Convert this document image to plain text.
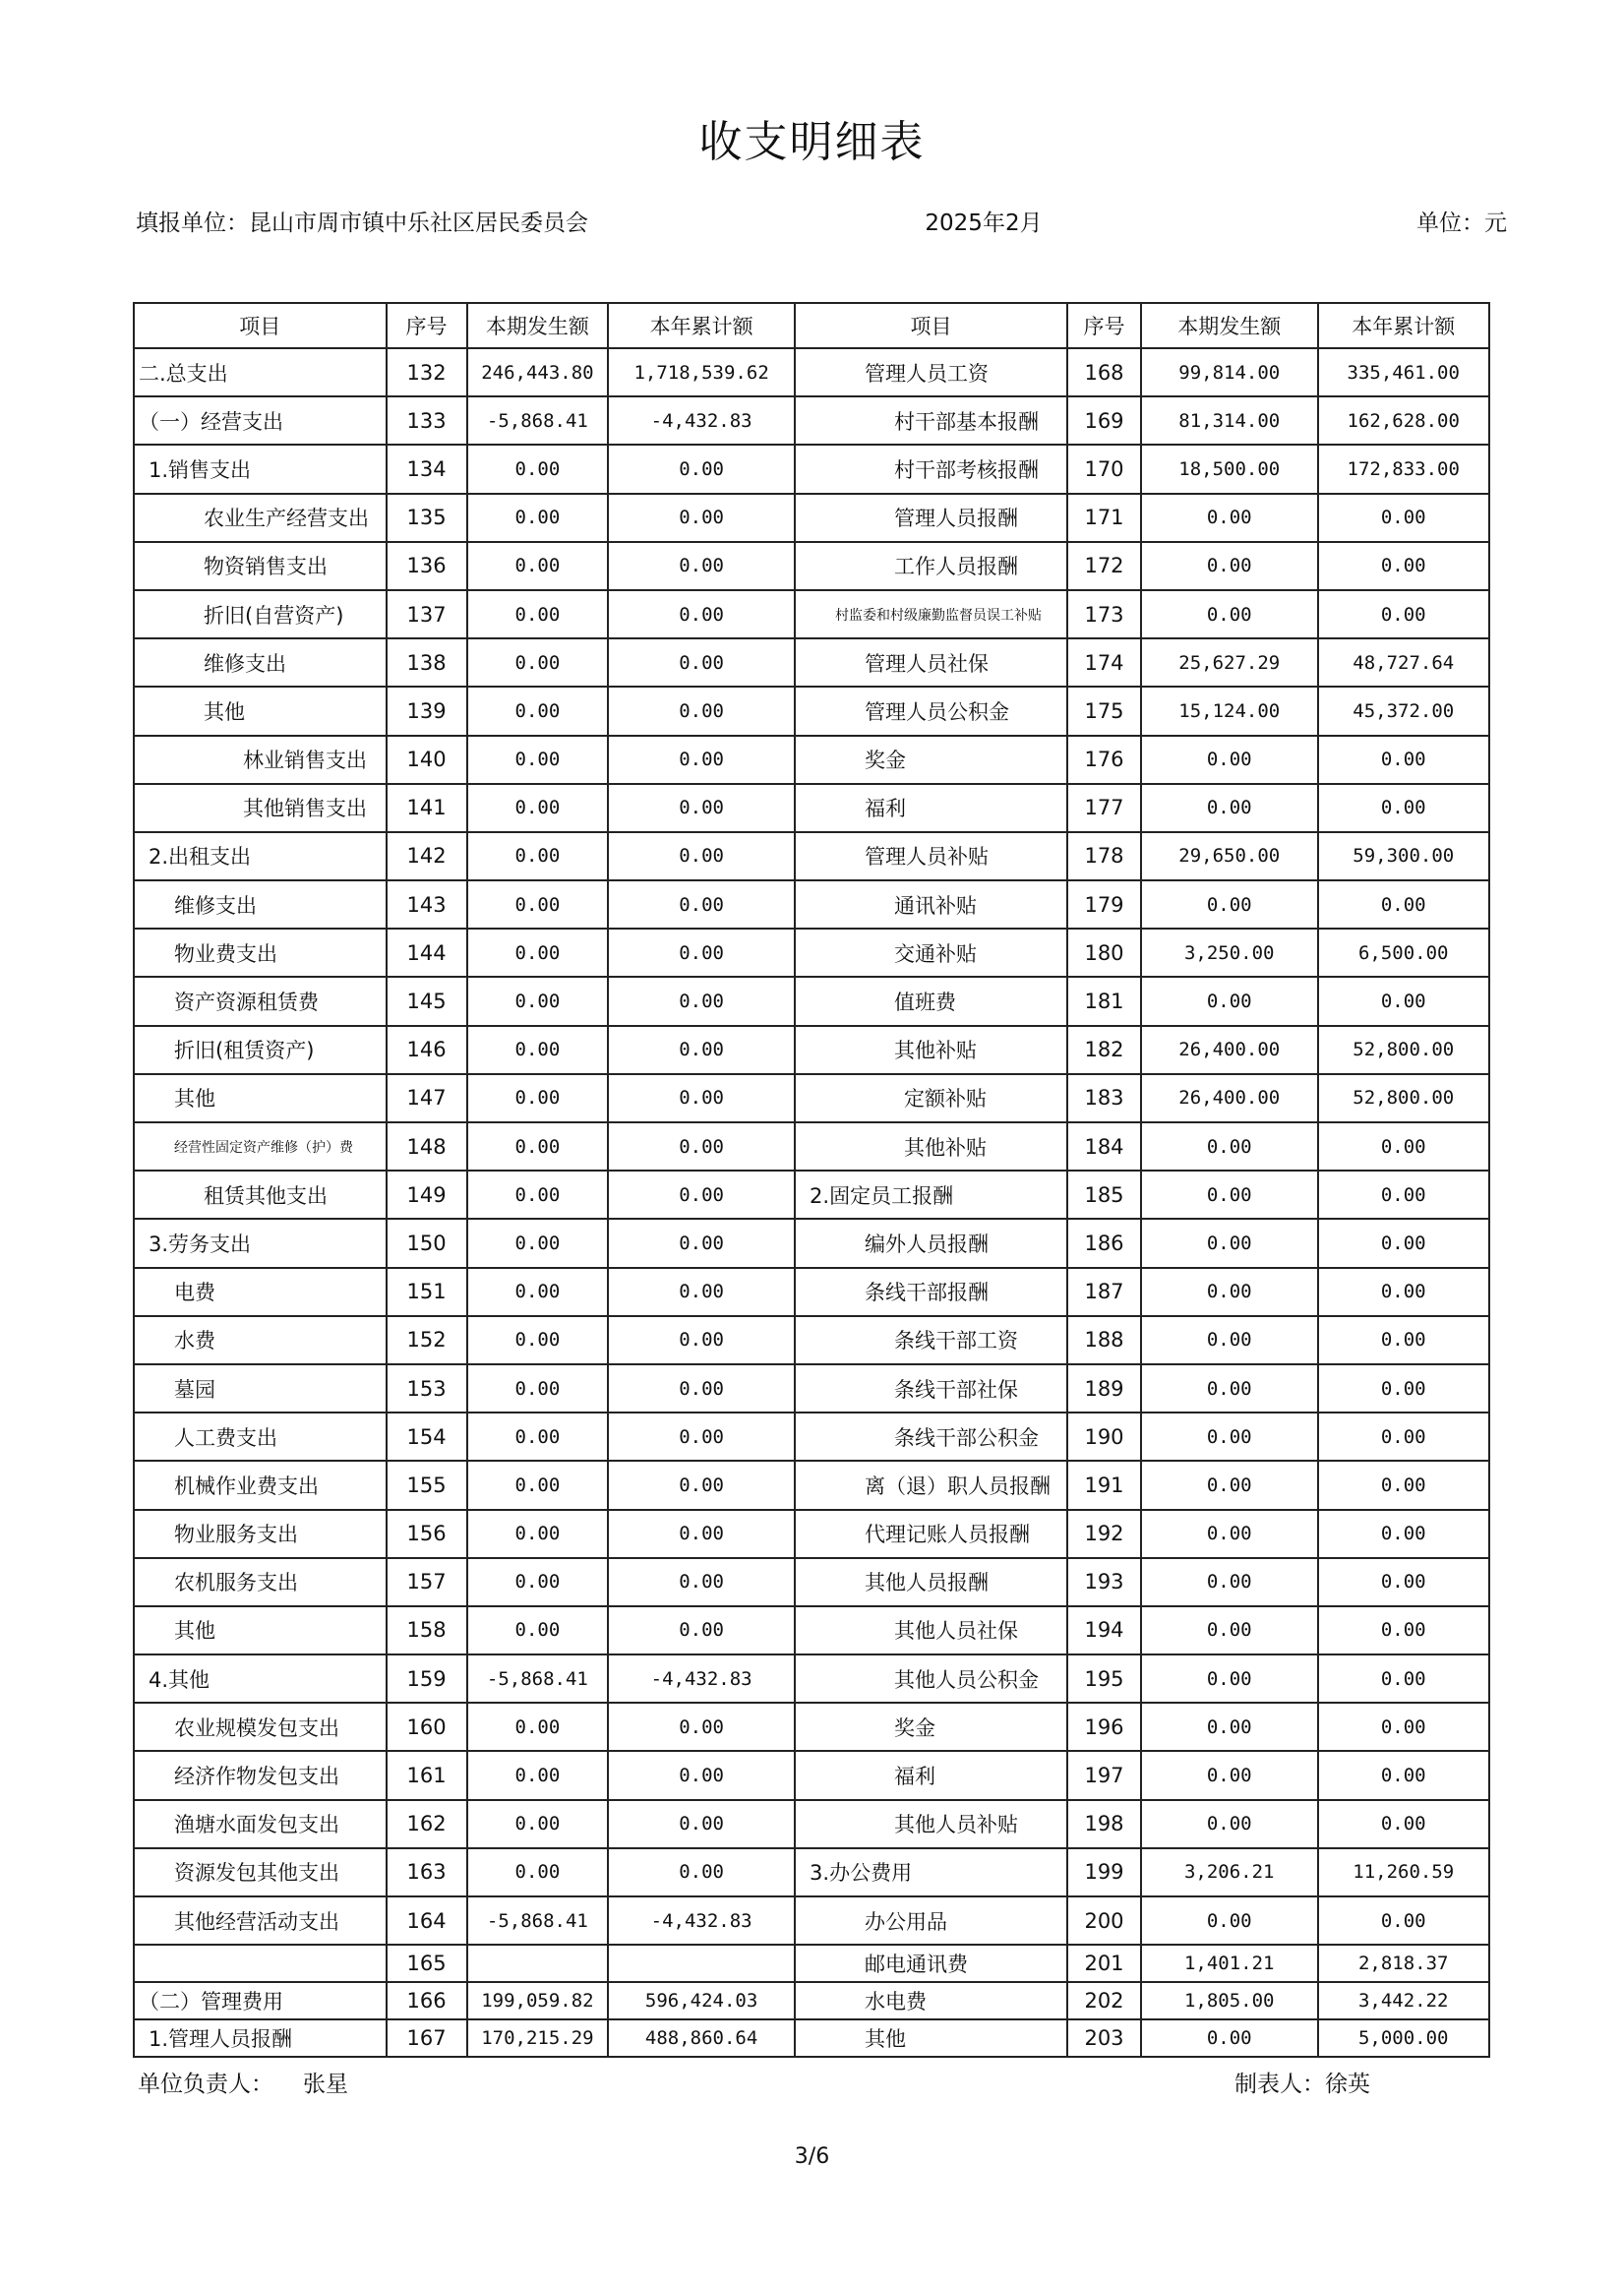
收支明细表
填报单位：昆山市周市镇中乐社区居民委员会	2025年2月	单位：元
项目	序号	本期发生额	本年累计额	项目	序号	本期发生额	本年累计额
二.总支出	132	246,443.80	1,718,539.62	管理人员工资	168	99,814.00	335,461.00
（一）经营支出	133	-5,868.41	-4,432.83	村干部基本报酬	169	81,314.00	162,628.00
1.销售支出	134	0.00	0.00	村干部考核报酬	170	18,500.00	172,833.00
农业生产经营支出	135	0.00	0.00	管理人员报酬	171	0.00	0.00
物资销售支出	136	0.00	0.00	工作人员报酬	172	0.00	0.00
折旧(自营资产)	137	0.00	0.00	村监委和村级廉勤监督员误工补贴	173	0.00	0.00
维修支出	138	0.00	0.00	管理人员社保	174	25,627.29	48,727.64
其他	139	0.00	0.00	管理人员公积金	175	15,124.00	45,372.00
林业销售支出	140	0.00	0.00	奖金	176	0.00	0.00
其他销售支出	141	0.00	0.00	福利	177	0.00	0.00
2.出租支出	142	0.00	0.00	管理人员补贴	178	29,650.00	59,300.00
维修支出	143	0.00	0.00	通讯补贴	179	0.00	0.00
物业费支出	144	0.00	0.00	交通补贴	180	3,250.00	6,500.00
资产资源租赁费	145	0.00	0.00	值班费	181	0.00	0.00
折旧(租赁资产)	146	0.00	0.00	其他补贴	182	26,400.00	52,800.00
其他	147	0.00	0.00	定额补贴	183	26,400.00	52,800.00
经营性固定资产维修（护）费	148	0.00	0.00	其他补贴	184	0.00	0.00
租赁其他支出	149	0.00	0.00	2.固定员工报酬	185	0.00	0.00
3.劳务支出	150	0.00	0.00	编外人员报酬	186	0.00	0.00
电费	151	0.00	0.00	条线干部报酬	187	0.00	0.00
水费	152	0.00	0.00	条线干部工资	188	0.00	0.00
墓园	153	0.00	0.00	条线干部社保	189	0.00	0.00
人工费支出	154	0.00	0.00	条线干部公积金	190	0.00	0.00
机械作业费支出	155	0.00	0.00	离（退）职人员报酬	191	0.00	0.00
物业服务支出	156	0.00	0.00	代理记账人员报酬	192	0.00	0.00
农机服务支出	157	0.00	0.00	其他人员报酬	193	0.00	0.00
其他	158	0.00	0.00	其他人员社保	194	0.00	0.00
4.其他	159	-5,868.41	-4,432.83	其他人员公积金	195	0.00	0.00
农业规模发包支出	160	0.00	0.00	奖金	196	0.00	0.00
经济作物发包支出	161	0.00	0.00	福利	197	0.00	0.00
渔塘水面发包支出	162	0.00	0.00	其他人员补贴	198	0.00	0.00
资源发包其他支出	163	0.00	0.00	3.办公费用	199	3,206.21	11,260.59
其他经营活动支出	164	-5,868.41	-4,432.83	办公用品	200	0.00	0.00
	165			邮电通讯费	201	1,401.21	2,818.37
（二）管理费用	166	199,059.82	596,424.03	水电费	202	1,805.00	3,442.22
1.管理人员报酬	167	170,215.29	488,860.64	其他	203	0.00	5,000.00
单位负责人： 张星	制表人：徐英
3/6
